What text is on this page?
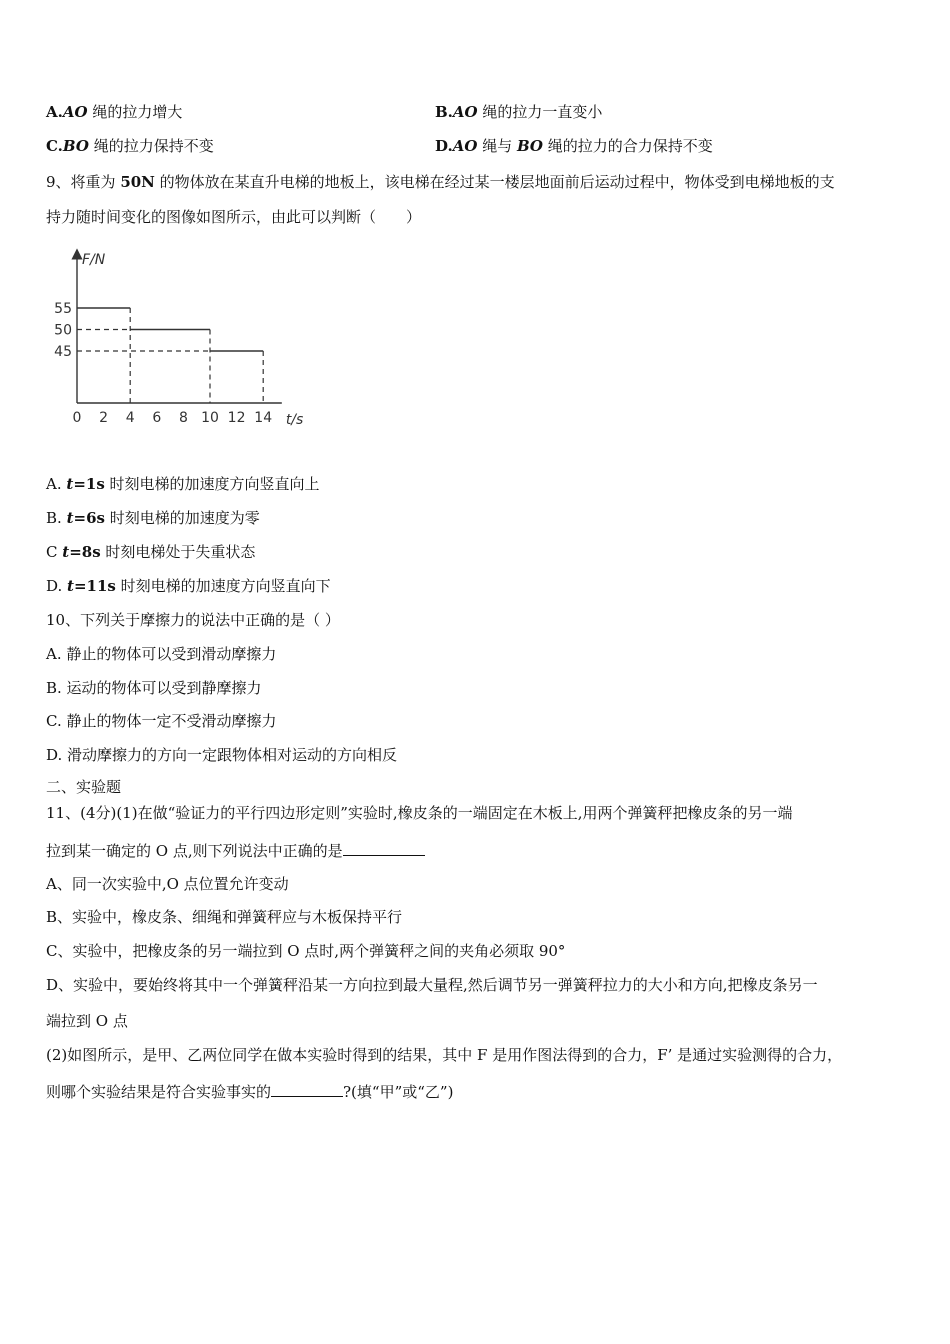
A.AO 绳的拉力增大	B.AO 绳的拉力一直变小
C.BO 绳的拉力保持不变	D.AO 绳与 BO 绳的拉力的合力保持不变
9、将重为 50N 的物体放在某直升电梯的地板上，该电梯在经过某一楼层地面前后运动过程中，物体受到电梯地板的支
持力随时间变化的图像如图所示，由此可以判断（　　）
F/N
t/s
0 2 4 6 8 10 12 14
55
50
45
A. t=1s 时刻电梯的加速度方向竖直向上
B. t=6s 时刻电梯的加速度为零
C t=8s 时刻电梯处于失重状态
D. t=11s 时刻电梯的加速度方向竖直向下
10、下列关于摩擦力的说法中正确的是（ ）
A. 静止的物体可以受到滑动摩擦力
B. 运动的物体可以受到静摩擦力
C. 静止的物体一定不受滑动摩擦力
D. 滑动摩擦力的方向一定跟物体相对运动的方向相反
二、实验题
11、(4分)(1)在做“验证力的平行四边形定则”实验时,橡皮条的一端固定在木板上,用两个弹簧秤把橡皮条的另一端
拉到某一确定的 O 点,则下列说法中正确的是
A、同一次实验中,O 点位置允许变动
B、实验中，橡皮条、细绳和弹簧秤应与木板保持平行
C、实验中，把橡皮条的另一端拉到 O 点时,两个弹簧秤之间的夹角必须取 90°
D、实验中，要始终将其中一个弹簧秤沿某一方向拉到最大量程,然后调节另一弹簧秤拉力的大小和方向,把橡皮条另一
端拉到 O 点
(2)如图所示，是甲、乙两位同学在做本实验时得到的结果，其中 F 是用作图法得到的合力，F’ 是通过实验测得的合力，
则哪个实验结果是符合实验事实的	?(填“甲”或“乙”)
